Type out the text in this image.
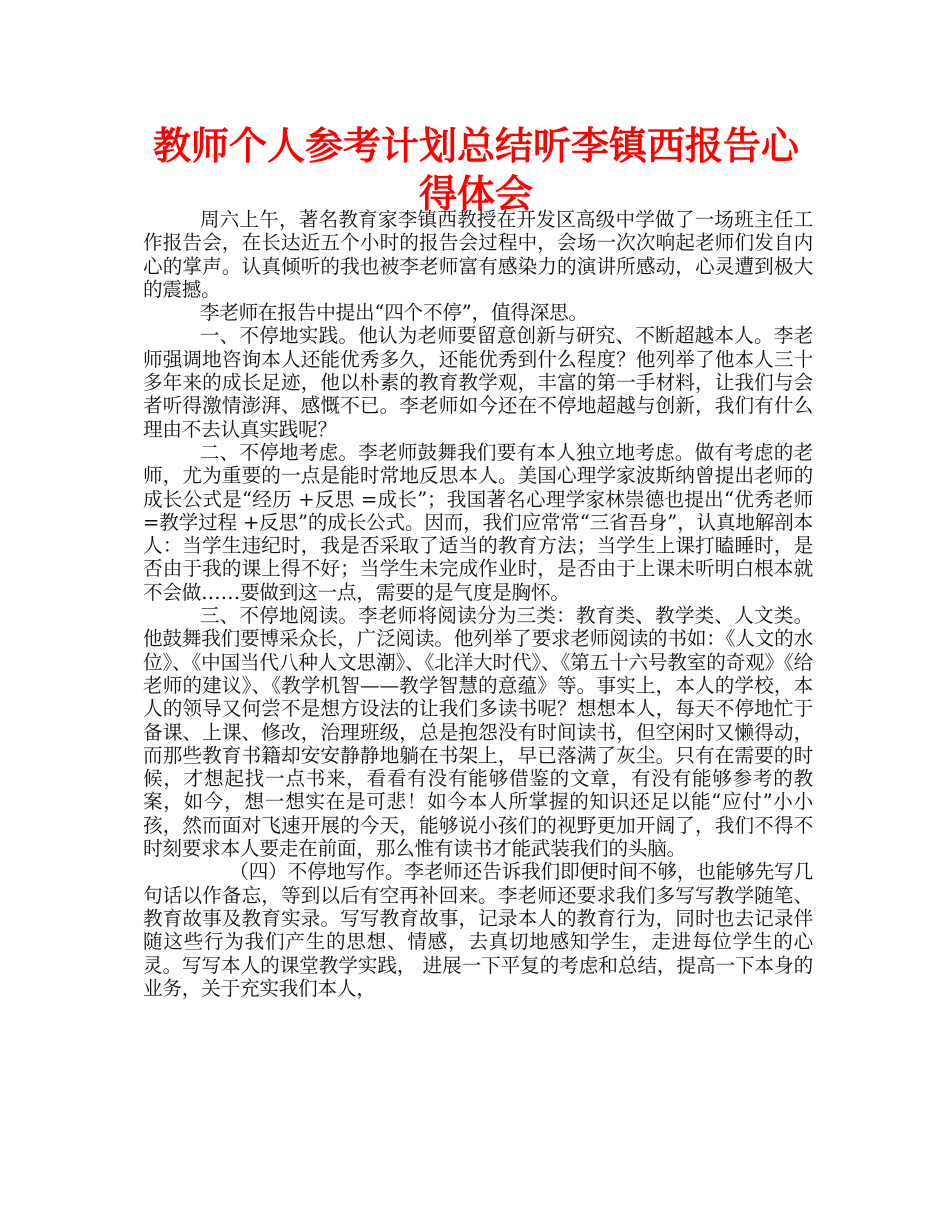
教师个人参考计划总结听李镇西报告心得体会

周六上午，著名教育家李镇西教授在开发区高级中学做了一场班主任工作报告会，在长达近五个小时的报告会过程中，会场一次次响起老师们发自内心的掌声。认真倾听的我也被李老师富有感染力的演讲所感动，心灵遭到极大的震撼。

李老师在报告中提出“四个不停”，值得深思。

一、不停地实践。他认为老师要留意创新与研究、不断超越本人。李老师强调地咨询本人还能优秀多久，还能优秀到什么程度？他列举了他本人三十多年来的成长足迹，他以朴素的教育教学观，丰富的第一手材料，让我们与会者听得激情澎湃、感慨不已。李老师如今还在不停地超越与创新，我们有什么理由不去认真实践呢？

二、不停地考虑。李老师鼓舞我们要有本人独立地考虑。做有考虑的老师，尤为重要的一点是能时常地反思本人。美国心理学家波斯纳曾提出老师的成长公式是“经历 +反思 =成长”；我国著名心理学家林崇德也提出“优秀老师=教学过程 +反思”的成长公式。因而，我们应常常“三省吾身”，认真地解剖本人：当学生违纪时，我是否采取了适当的教育方法；当学生上课打瞌睡时，是否由于我的课上得不好；当学生未完成作业时，是否由于上课未听明白根本就不会做……要做到这一点，需要的是气度是胸怀。

三、不停地阅读。李老师将阅读分为三类：教育类、教学类、人文类。他鼓舞我们要博采众长，广泛阅读。他列举了要求老师阅读的书如：《人文的水位》、《中国当代八种人文思潮》、《北洋大时代》、《第五十六号教室的奇观》《给老师的建议》、《教学机智——教学智慧的意蕴》等。事实上，本人的学校，本人的领导又何尝不是想方设法的让我们多读书呢？想想本人，每天不停地忙于备课、上课、修改，治理班级，总是抱怨没有时间读书，但空闲时又懒得动，而那些教育书籍却安安静静地躺在书架上，早已落满了灰尘。只有在需要的时候，才想起找一点书来，看看有没有能够借鉴的文章，有没有能够参考的教案，如今，想一想实在是可悲！如今本人所掌握的知识还足以能“应付”小小孩，然而面对飞速开展的今天，能够说小孩们的视野更加开阔了，我们不得不时刻要求本人要走在前面，那么惟有读书才能武装我们的头脑。

（四）不停地写作。李老师还告诉我们即便时间不够，也能够先写几句话以作备忘，等到以后有空再补回来。李老师还要求我们多写写教学随笔、教育故事及教育实录。写写教育故事，记录本人的教育行为，同时也去记录伴随这些行为我们产生的思想、情感，去真切地感知学生，走进每位学生的心灵。写写本人的课堂教学实践， 进展一下平复的考虑和总结，提高一下本身的业务，关于充实我们本人，
